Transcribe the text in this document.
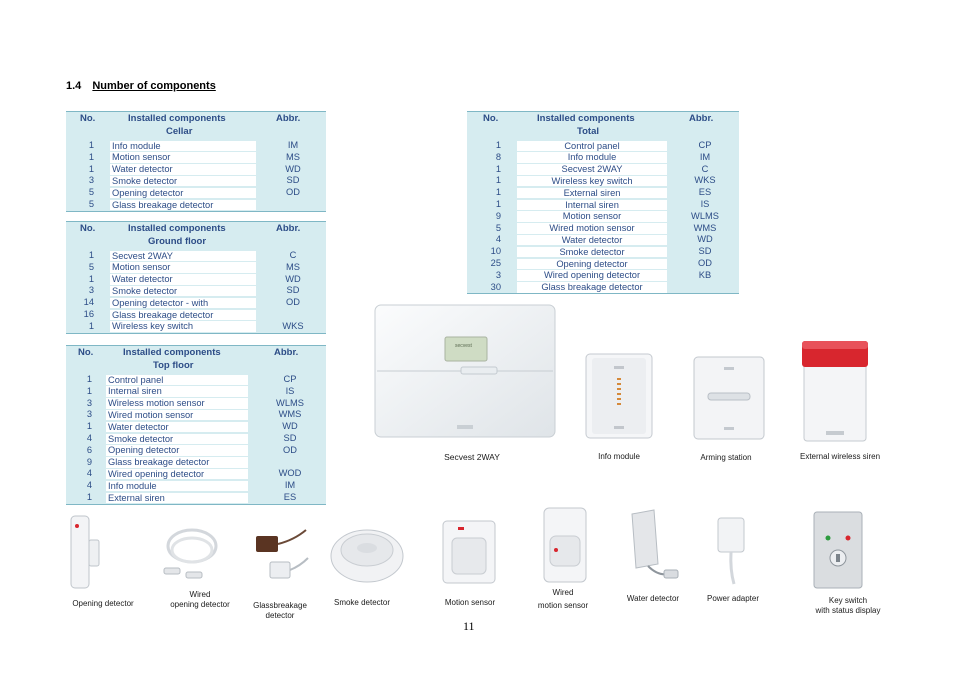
1.4 Number of components
No.	Installed components	Abbr.
Cellar
1 Info module	IM
1 Motion sensor	MS
1 Water detector	WD
3 Smoke detector	SD
5 Opening detector	OD
5 Glass breakage detector
No.	Installed components	Abbr.
Ground floor
1 Secvest 2WAY	C
5 Motion sensor	MS
1 Water detector	WD
3 Smoke detector	SD
14 Opening detector - with	OD
16 Glass breakage detector
1 Wireless key switch	WKS
No.	Installed components	Abbr.
Top floor
1 Control panel	CP
1 Internal siren	IS
3 Wireless motion sensor	WLMS
3 Wired motion sensor	WMS
1 Water detector	WD
4 Smoke detector	SD
6 Opening detector	OD
9 Glass breakage detector
4 Wired opening detector	WOD
4 Info module	IM
1 External siren	ES
No.	Installed components	Abbr.
Total
1	Control panel	CP
8	Info module	IM
1	Secvest 2WAY	C
1	Wireless key switch	WKS
1	External siren	ES
1	Internal siren	IS
9	Motion sensor	WLMS
5	Wired motion sensor	WMS
4	Water detector	WD
10	Smoke detector	SD
25	Opening detector	OD
3	Wired opening detector	KB
30	Glass breakage detector
secvest
Secvest 2WAY	Info module	Arming station	External wireless siren
Opening detector
Wired
opening detector	Glassbreakage
detector
Smoke detector	Motion sensor
Wired
motion sensor
Water detector	Power adapter	Key switch
with status display
11
